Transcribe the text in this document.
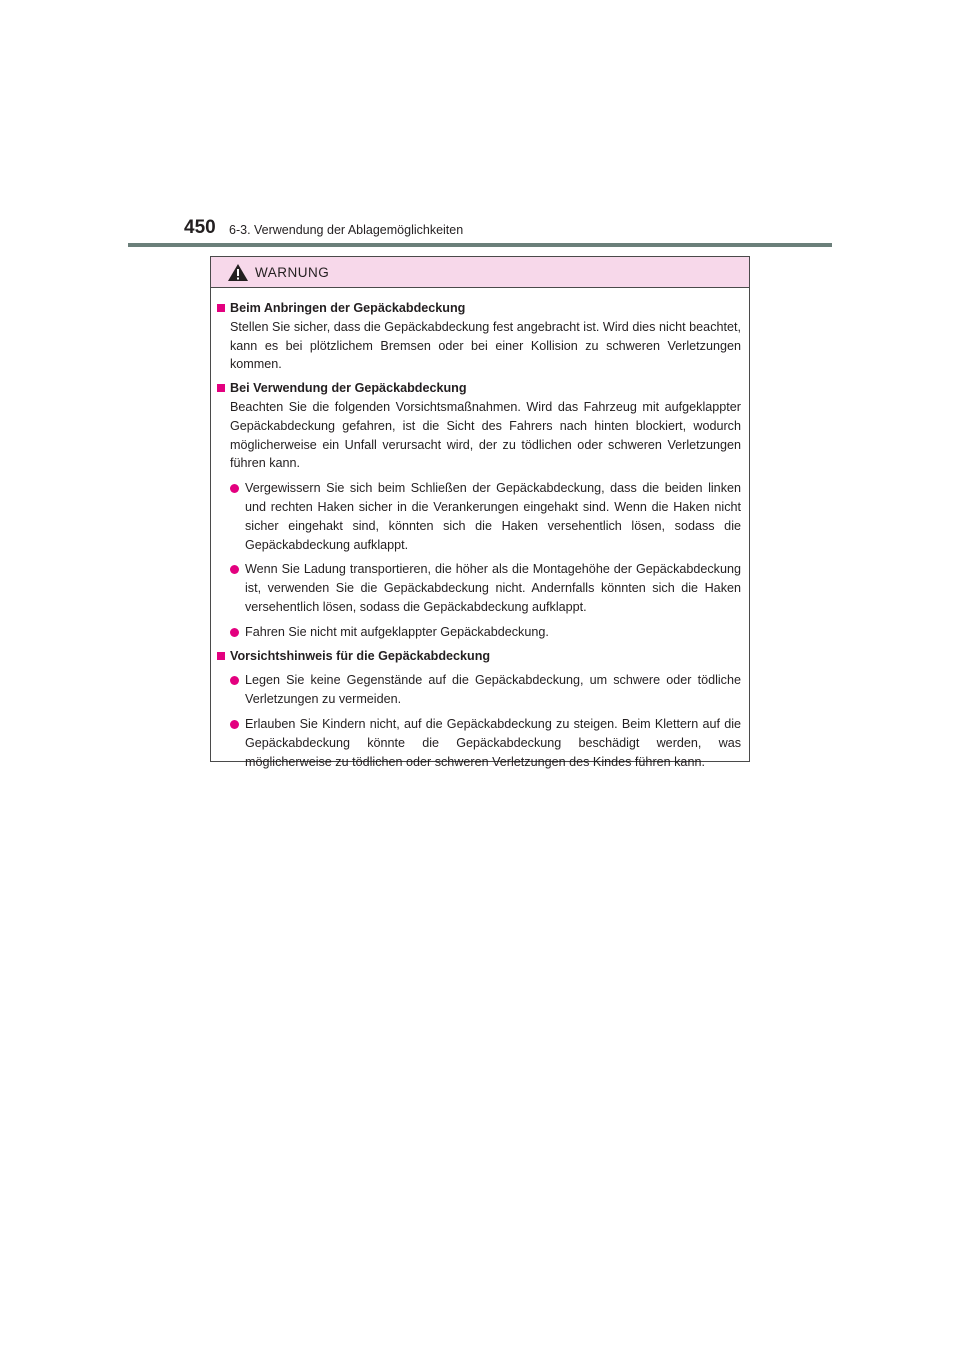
450 6-3. Verwendung der Ablagemöglichkeiten
WARNUNG
Beim Anbringen der Gepäckabdeckung
Stellen Sie sicher, dass die Gepäckabdeckung fest angebracht ist. Wird dies nicht beachtet, kann es bei plötzlichem Bremsen oder bei einer Kollision zu schweren Verletzungen kommen.
Bei Verwendung der Gepäckabdeckung
Beachten Sie die folgenden Vorsichtsmaßnahmen. Wird das Fahrzeug mit aufgeklappter Gepäckabdeckung gefahren, ist die Sicht des Fahrers nach hinten blockiert, wodurch möglicherweise ein Unfall verursacht wird, der zu tödlichen oder schweren Verletzungen führen kann.
Vergewissern Sie sich beim Schließen der Gepäckabdeckung, dass die beiden linken und rechten Haken sicher in die Verankerungen eingehakt sind. Wenn die Haken nicht sicher eingehakt sind, könnten sich die Haken versehentlich lösen, sodass die Gepäckabdeckung aufklappt.
Wenn Sie Ladung transportieren, die höher als die Montagehöhe der Gepäckabdeckung ist, verwenden Sie die Gepäckabdeckung nicht. Andernfalls könnten sich die Haken versehentlich lösen, sodass die Gepäckabdeckung aufklappt.
Fahren Sie nicht mit aufgeklappter Gepäckabdeckung.
Vorsichtshinweis für die Gepäckabdeckung
Legen Sie keine Gegenstände auf die Gepäckabdeckung, um schwere oder tödliche Verletzungen zu vermeiden.
Erlauben Sie Kindern nicht, auf die Gepäckabdeckung zu steigen. Beim Klettern auf die Gepäckabdeckung könnte die Gepäckabdeckung beschädigt werden, was möglicherweise zu tödlichen oder schweren Verletzungen des Kindes führen kann.
